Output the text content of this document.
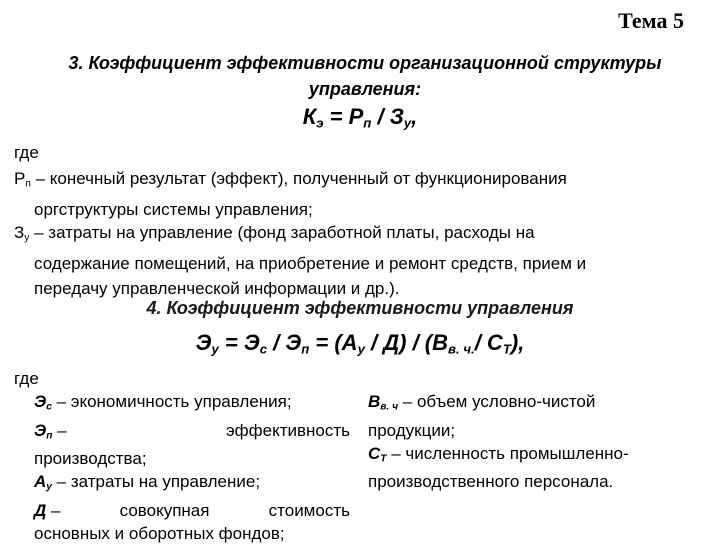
Тема 5
3. Коэффициент эффективности организационной структуры управления:
$К_э = Р_п / З_у$,
где
$Р_п$ – конечный результат (эффект), полученный от функционирования
оргструктуры системы управления;
$З_у$ – затраты на управление (фонд заработной платы, расходы на
содержание помещений, на приобретение и ремонт средств, прием и
передачу управленческой информации и др.).
4. Коэффициент эффективности управления
$Э_у = Э_с / Э_п = (А_у / Д) / (В_{в. ч.}/$ $С_Т$),
где
$Э_с$ – экономичность управления;
$Э_п$ –	эффективность
производства;
$А_у$ – затраты на управление;
Д –	совокупная	стоимость
основных и оборотных фондов;
$В_{в. ч}$ – объем условно-чистой
продукции;
$С_Т$ – численность промышленно-
производственного персонала.
